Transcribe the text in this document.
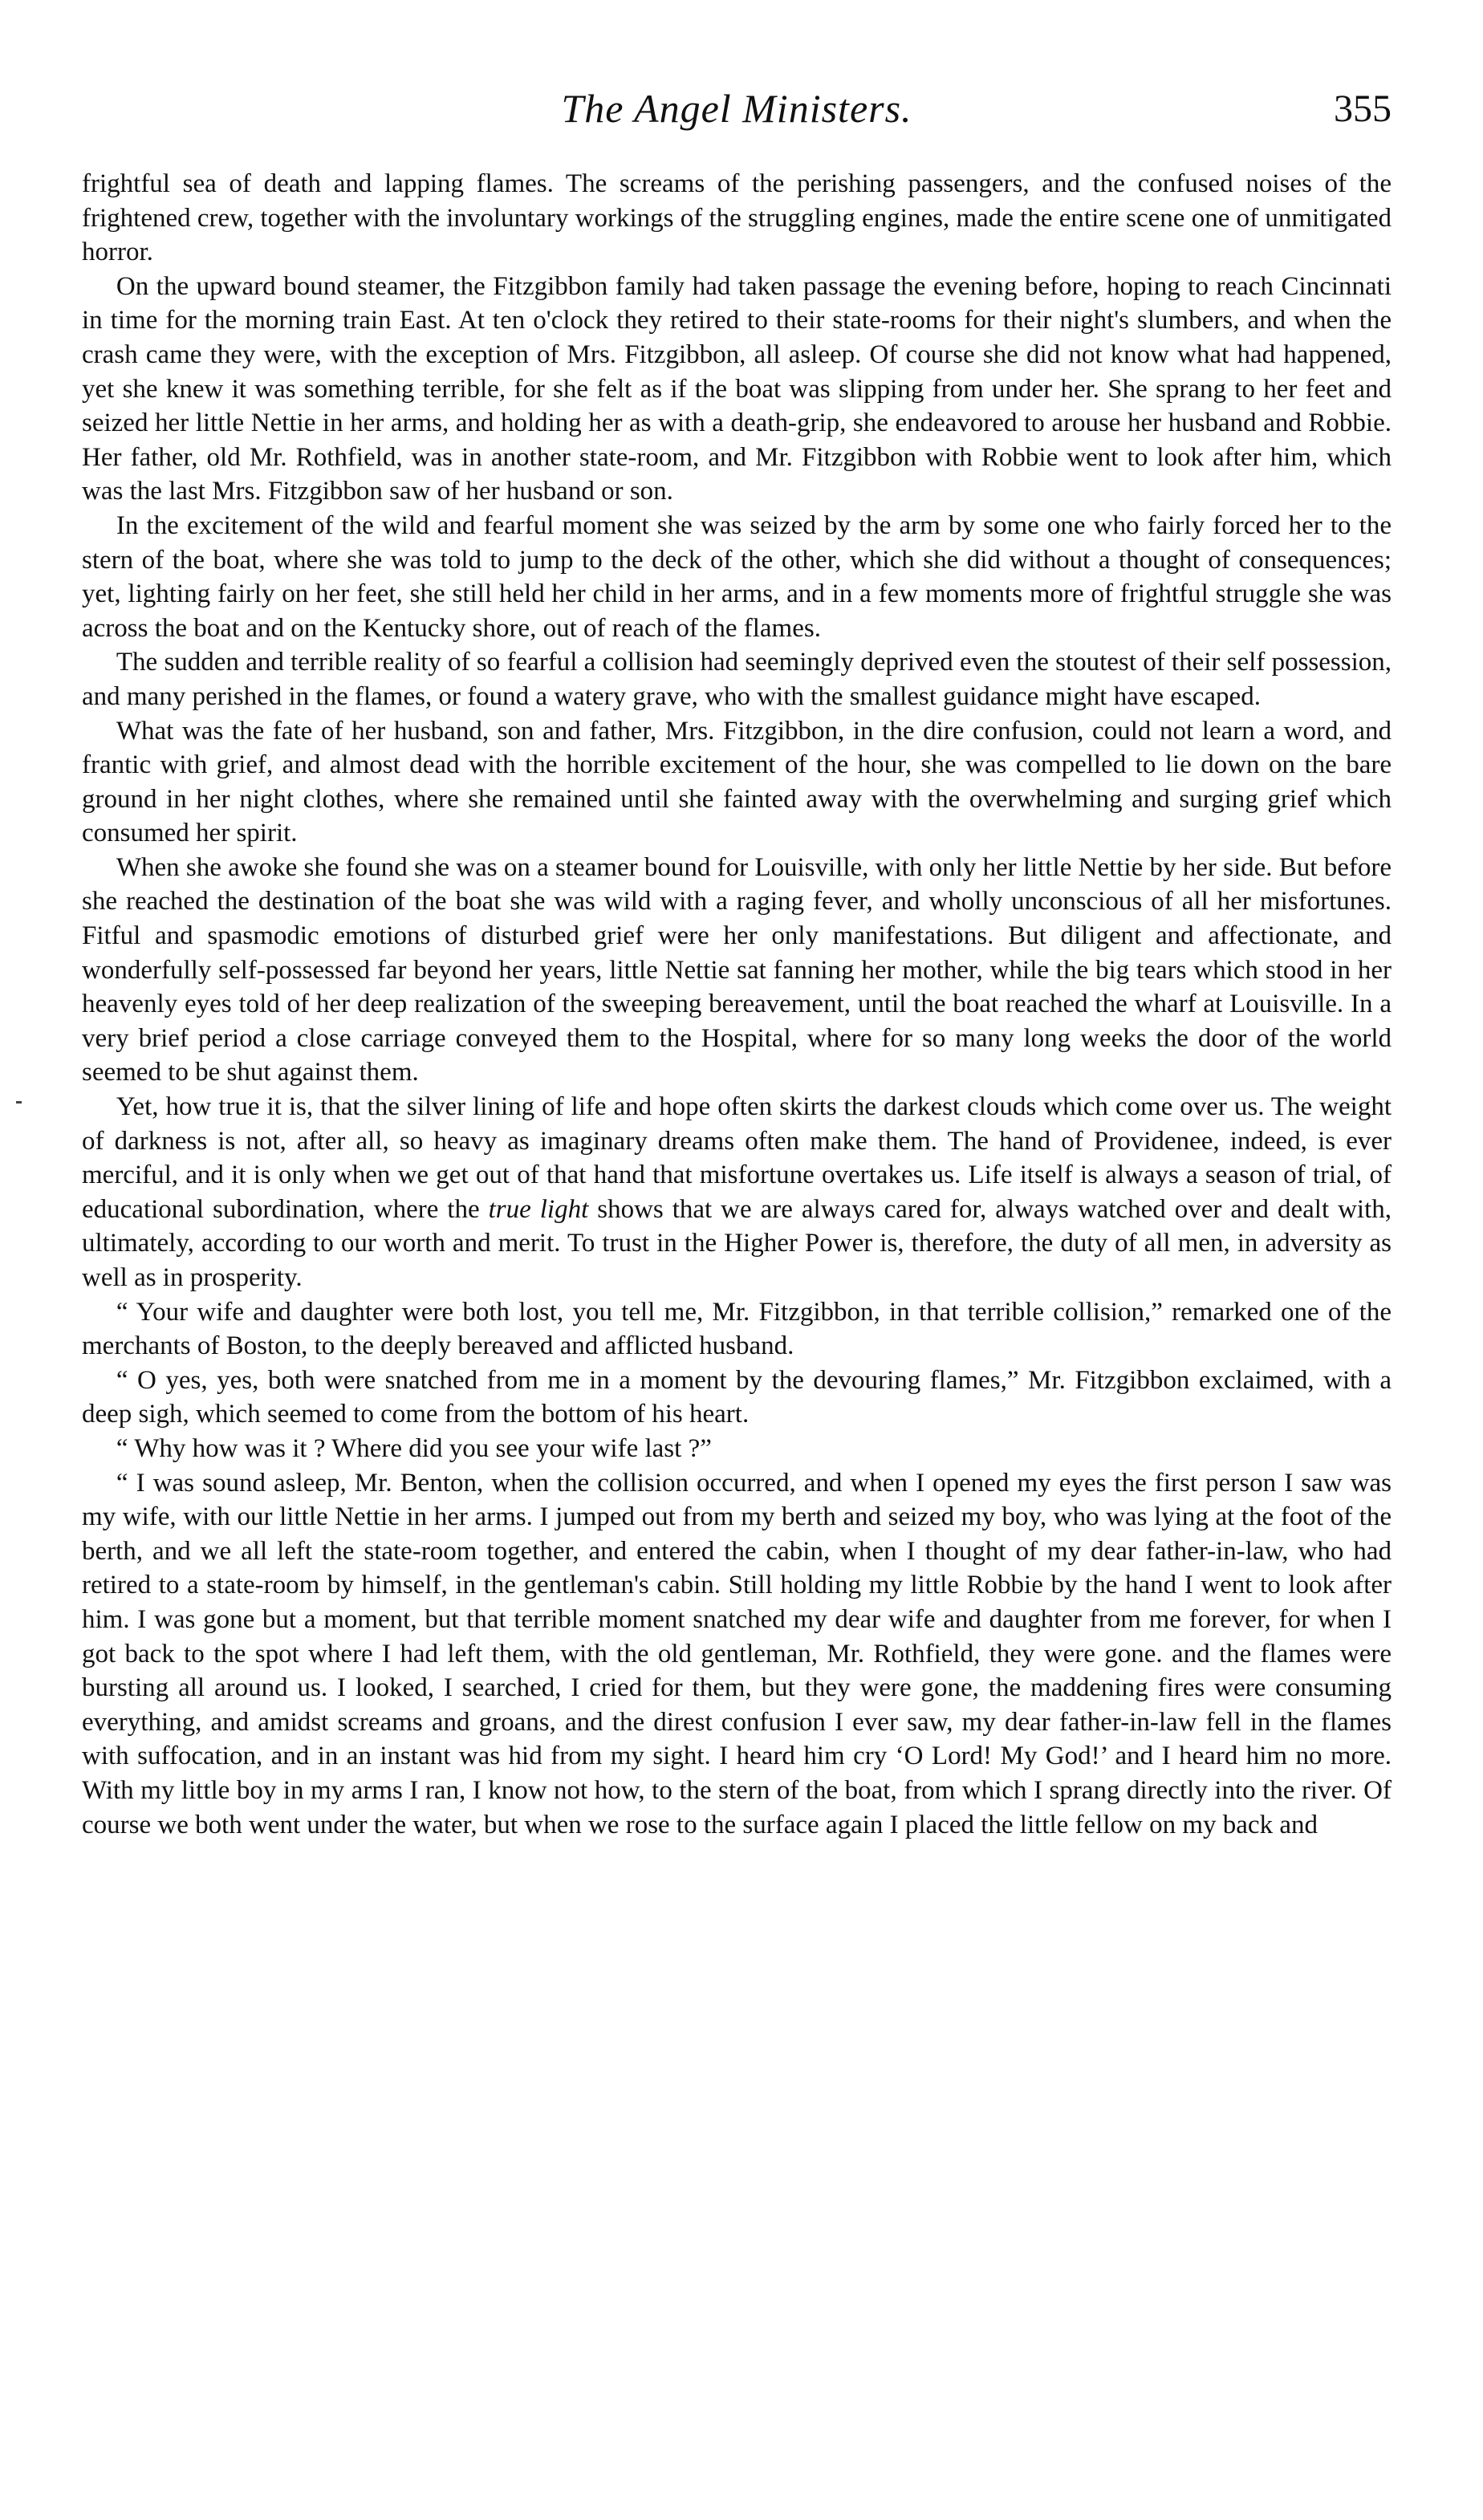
The Angel Ministers.	355

frightful sea of death and lapping flames. The screams of the perishing passengers, and the confused noises of the frightened crew, together with the involuntary workings of the struggling engines, made the entire scene one of unmitigated horror.

On the upward bound steamer, the Fitzgibbon family had taken passage the evening before, hoping to reach Cincinnati in time for the morning train East. At ten o'clock they retired to their state-rooms for their night's slumbers, and when the crash came they were, with the exception of Mrs. Fitzgibbon, all asleep. Of course she did not know what had happened, yet she knew it was something terrible, for she felt as if the boat was slipping from under her. She sprang to her feet and seized her little Nettie in her arms, and holding her as with a death-grip, she endeavored to arouse her husband and Robbie. Her father, old Mr. Rothfield, was in another state-room, and Mr. Fitzgibbon with Robbie went to look after him, which was the last Mrs. Fitzgibbon saw of her husband or son.

In the excitement of the wild and fearful moment she was seized by the arm by some one who fairly forced her to the stern of the boat, where she was told to jump to the deck of the other, which she did without a thought of consequences; yet, lighting fairly on her feet, she still held her child in her arms, and in a few moments more of frightful struggle she was across the boat and on the Kentucky shore, out of reach of the flames.

The sudden and terrible reality of so fearful a collision had seemingly deprived even the stoutest of their self possession, and many perished in the flames, or found a watery grave, who with the smallest guidance might have escaped.

What was the fate of her husband, son and father, Mrs. Fitzgibbon, in the dire confusion, could not learn a word, and frantic with grief, and almost dead with the horrible excitement of the hour, she was compelled to lie down on the bare ground in her night clothes, where she remained until she fainted away with the overwhelming and surging grief which consumed her spirit.

When she awoke she found she was on a steamer bound for Louisville, with only her little Nettie by her side. But before she reached the destination of the boat she was wild with a raging fever, and wholly unconscious of all her misfortunes. Fitful and spasmodic emotions of disturbed grief were her only manifestations. But diligent and affectionate, and wonderfully self-possessed far beyond her years, little Nettie sat fanning her mother, while the big tears which stood in her heavenly eyes told of her deep realization of the sweeping bereavement, until the boat reached the wharf at Louisville. In a very brief period a close carriage conveyed them to the Hospital, where for so many long weeks the door of the world seemed to be shut against them.

Yet, how true it is, that the silver lining of life and hope often skirts the darkest clouds which come over us. The weight of darkness is not, after all, so heavy as imaginary dreams often make them. The hand of Providenee, indeed, is ever merciful, and it is only when we get out of that hand that misfortune overtakes us. Life itself is always a season of trial, of educational subordination, where the true light shows that we are always cared for, always watched over and dealt with, ultimately, according to our worth and merit. To trust in the Higher Power is, therefore, the duty of all men, in adversity as well as in prosperity.

“ Your wife and daughter were both lost, you tell me, Mr. Fitzgibbon, in that terrible collision,” remarked one of the merchants of Boston, to the deeply bereaved and afflicted husband.

“ O yes, yes, both were snatched from me in a moment by the devouring flames,” Mr. Fitzgibbon exclaimed, with a deep sigh, which seemed to come from the bottom of his heart.

“ Why how was it ? Where did you see your wife last ?”

“ I was sound asleep, Mr. Benton, when the collision occurred, and when I opened my eyes the first person I saw was my wife, with our little Nettie in her arms. I jumped out from my berth and seized my boy, who was lying at the foot of the berth, and we all left the state-room together, and entered the cabin, when I thought of my dear father-in-law, who had retired to a state-room by himself, in the gentleman's cabin. Still holding my little Robbie by the hand I went to look after him. I was gone but a moment, but that terrible moment snatched my dear wife and daughter from me forever, for when I got back to the spot where I had left them, with the old gentleman, Mr. Rothfield, they were gone. and the flames were bursting all around us. I looked, I searched, I cried for them, but they were gone, the maddening fires were consuming everything, and amidst screams and groans, and the direst confusion I ever saw, my dear father-in-law fell in the flames with suffocation, and in an instant was hid from my sight. I heard him cry ‘O Lord! My God!’ and I heard him no more. With my little boy in my arms I ran, I know not how, to the stern of the boat, from which I sprang directly into the river. Of course we both went under the water, but when we rose to the surface again I placed the little fellow on my back and
